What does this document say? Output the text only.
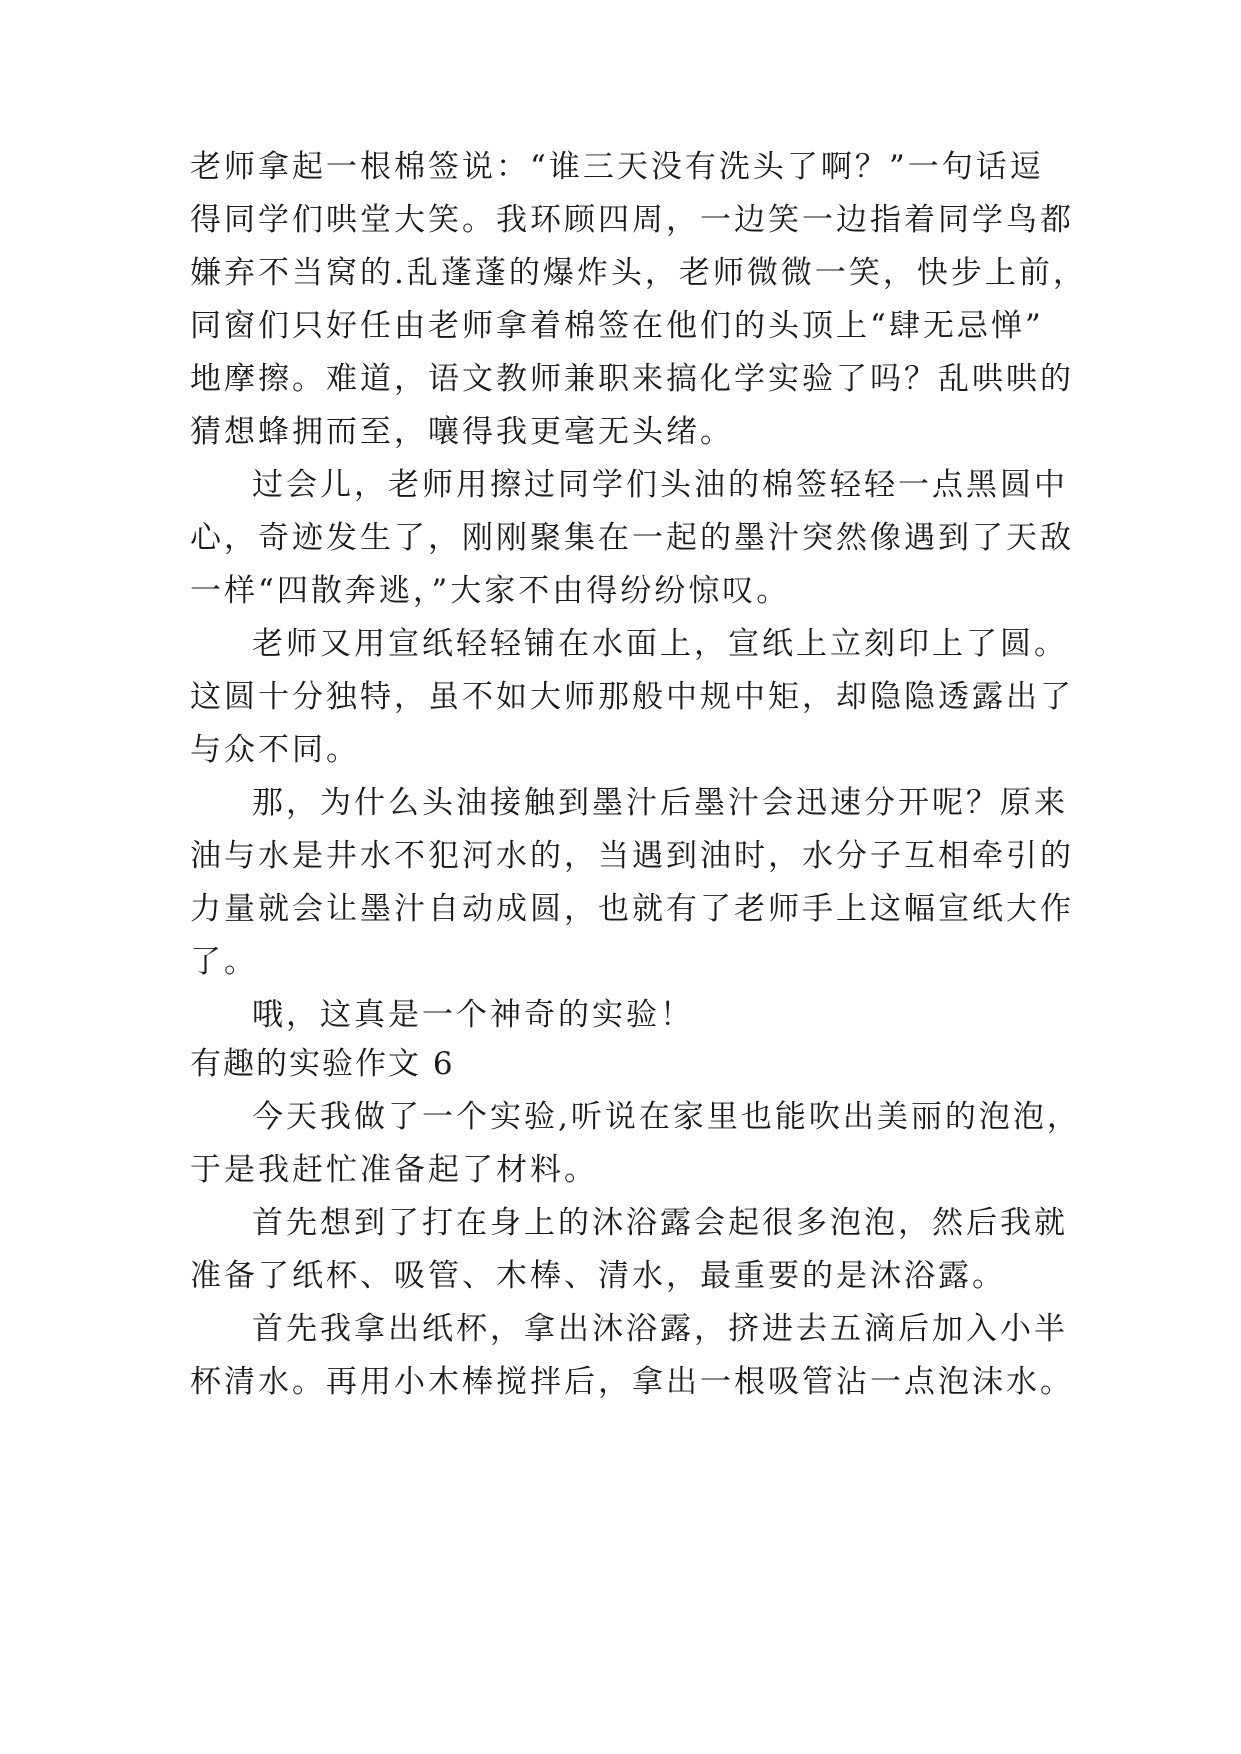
老师拿起一根棉签说：“谁三天没有洗头了啊？”一句话逗
得同学们哄堂大笑。我环顾四周，一边笑一边指着同学鸟都
嫌弃不当窝的.乱蓬蓬的爆炸头，老师微微一笑，快步上前，
同窗们只好任由老师拿着棉签在他们的头顶上“肆无忌惮”
地摩擦。难道，语文教师兼职来搞化学实验了吗？乱哄哄的
猜想蜂拥而至，嚷得我更毫无头绪。
过会儿，老师用擦过同学们头油的棉签轻轻一点黑圆中
心，奇迹发生了，刚刚聚集在一起的墨汁突然像遇到了天敌
一样“四散奔逃，”大家不由得纷纷惊叹。
老师又用宣纸轻轻铺在水面上，宣纸上立刻印上了圆。
这圆十分独特，虽不如大师那般中规中矩，却隐隐透露出了
与众不同。
那，为什么头油接触到墨汁后墨汁会迅速分开呢？原来
油与水是井水不犯河水的，当遇到油时，水分子互相牵引的
力量就会让墨汁自动成圆，也就有了老师手上这幅宣纸大作
了。
哦，这真是一个神奇的实验！
有趣的实验作文 6
今天我做了一个实验,听说在家里也能吹出美丽的泡泡，
于是我赶忙准备起了材料。
首先想到了打在身上的沐浴露会起很多泡泡，然后我就
准备了纸杯、吸管、木棒、清水，最重要的是沐浴露。
首先我拿出纸杯，拿出沐浴露，挤进去五滴后加入小半
杯清水。再用小木棒搅拌后，拿出一根吸管沾一点泡沫水。
